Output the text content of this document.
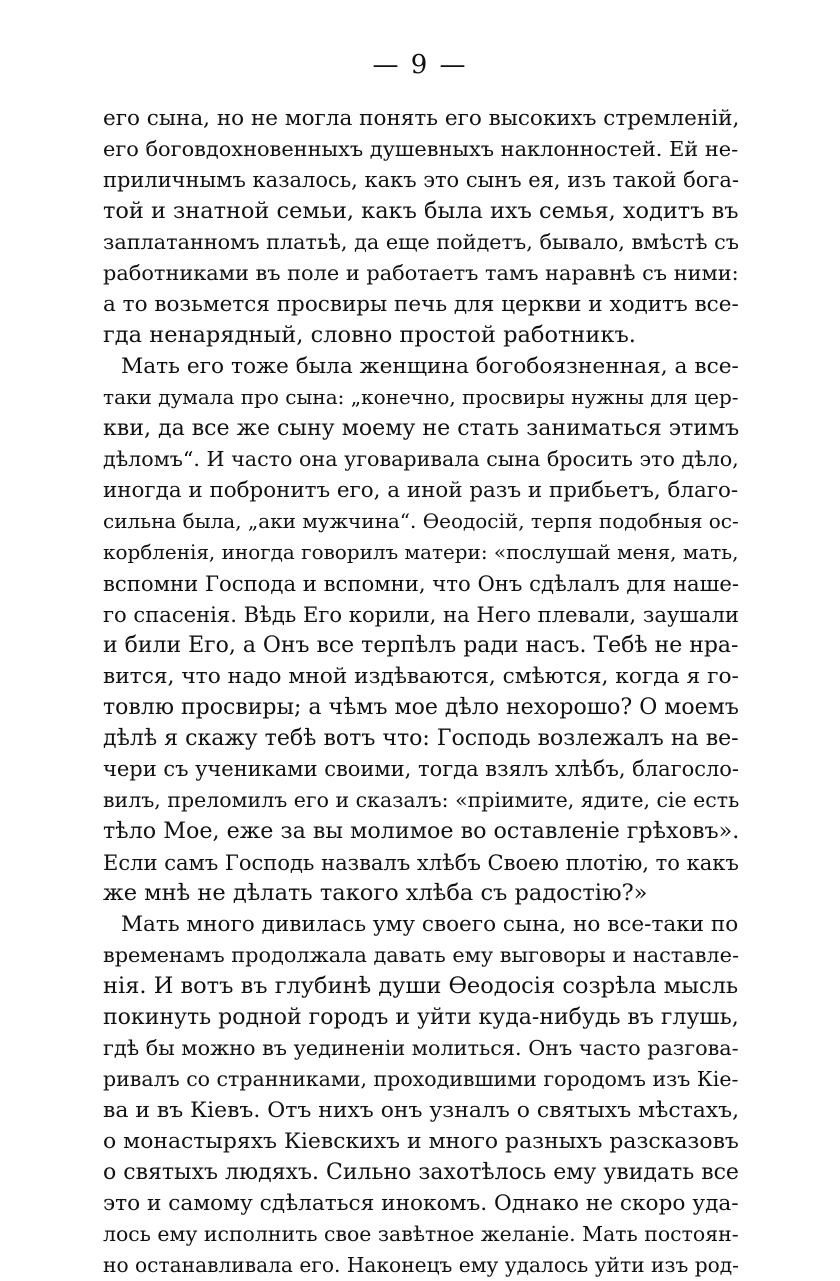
— 9 —
его сына, но не могла понять его высокихъ стремленій,
его боговдохновенныхъ душевныхъ наклонностей. Ей не-
приличнымъ казалось, какъ это сынъ ея, изъ такой бога-
той и знатной семьи, какъ была ихъ семья, ходитъ въ
заплатанномъ платьѣ, да еще пойдетъ, бывало, вмѣстѣ съ
работниками въ поле и работаетъ тамъ наравнѣ съ ними:
а то возьмется просвиры печь для церкви и ходитъ все-
гда ненарядный, словно простой работникъ.
Мать его тоже была женщина богобоязненная, а все-
таки думала про сына: „конечно, просвиры нужны для цер-
кви, да все же сыну моему не стать заниматься этимъ
дѣломъ“. И часто она уговаривала сына бросить это дѣло,
иногда и побронитъ его, а иной разъ и прибьетъ, благо-
сильна была, „аки мужчина“. Ѳеодосій, терпя подобныя ос-
корбленія, иногда говорилъ матери: «послушай меня, мать,
вспомни Господа и вспомни, что Онъ сдѣлалъ для наше-
го спасенія. Вѣдь Его корили, на Него плевали, заушали
и били Его, а Онъ все терпѣлъ ради насъ. Тебѣ не нра-
вится, что надо мной издѣваются, смѣются, когда я го-
товлю просвиры; а чѣмъ мое дѣло нехорошо? О моемъ
дѣлѣ я скажу тебѣ вотъ что: Господь возлежалъ на ве-
чери съ учениками своими, тогда взялъ хлѣбъ, благосло-
вилъ, преломилъ его и сказалъ: «пріимите, ядите, сіе есть
тѣло Мое, еже за вы молимое во оставленіе грѣховъ».
Если самъ Господь назвалъ хлѣбъ Своею плотію, то какъ
же мнѣ не дѣлать такого хлѣба съ радостію?»
Мать много дивилась уму своего сына, но все-таки по
временамъ продолжала давать ему выговоры и наставле-
нія. И вотъ въ глубинѣ души Ѳеодосія созрѣла мысль
покинуть родной городъ и уйти куда-нибудь въ глушь,
гдѣ бы можно въ уединеніи молиться. Онъ часто разгова-
ривалъ со странниками, проходившими городомъ изъ Кіе-
ва и въ Кіевъ. Отъ нихъ онъ узналъ о святыхъ мѣстахъ,
о монастыряхъ Кіевскихъ и много разныхъ разсказовъ
о святыхъ людяхъ. Сильно захотѣлось ему увидать все
это и самому сдѣлаться инокомъ. Однако не скоро уда-
лось ему исполнить свое завѣтное желаніе. Мать постоян-
но останавливала его. Наконецъ ему удалось уйти изъ род-
